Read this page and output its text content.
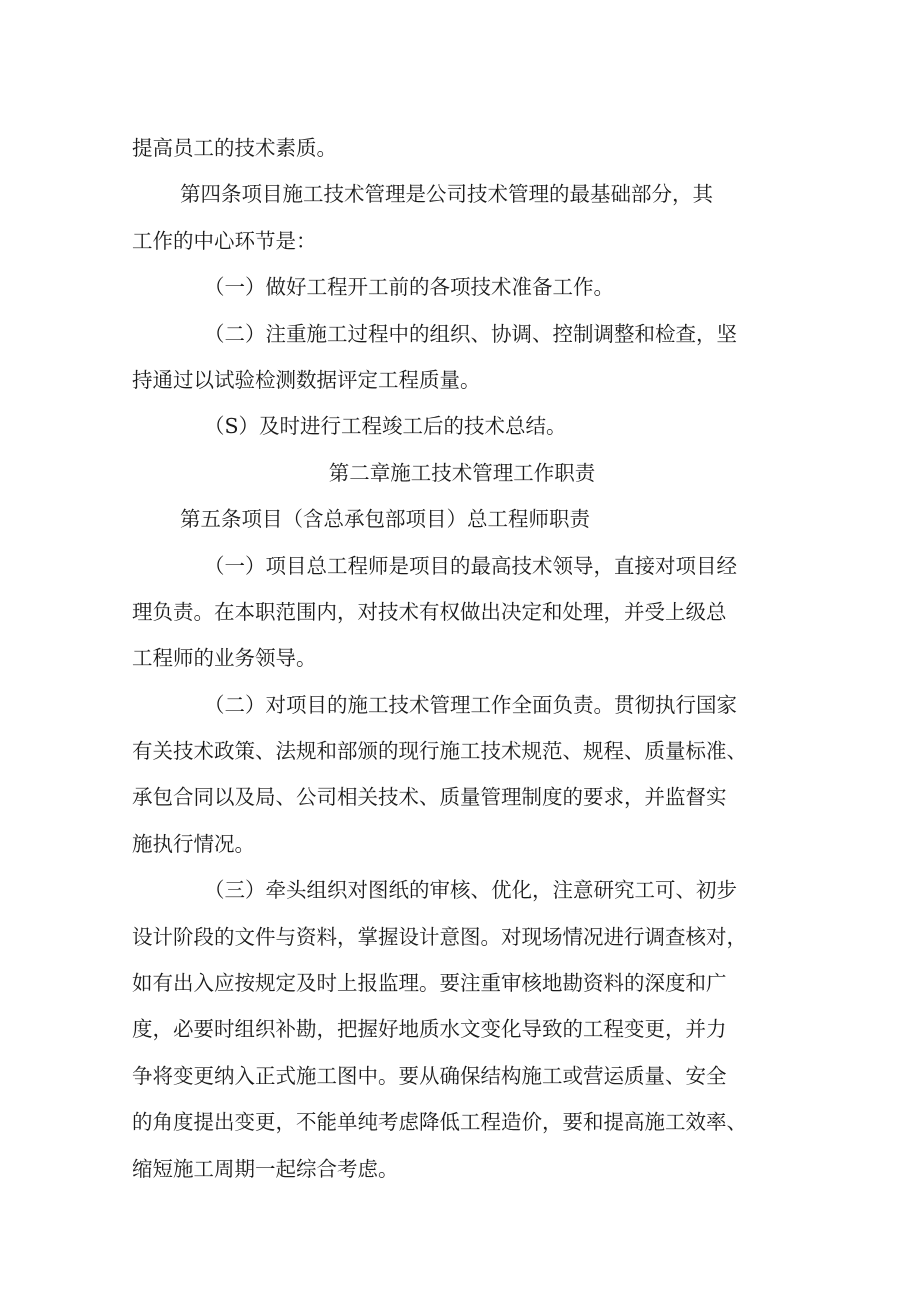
提高员工的技术素质。
第四条项目施工技术管理是公司技术管理的最基础部分，其
工作的中心环节是：
（一）做好工程开工前的各项技术准备工作。
（二）注重施工过程中的组织、协调、控制调整和检查，坚
持通过以试验检测数据评定工程质量。
（S）及时进行工程竣工后的技术总结。
第二章施工技术管理工作职责
第五条项目（含总承包部项目）总工程师职责
（一）项目总工程师是项目的最高技术领导，直接对项目经
理负责。在本职范围内，对技术有权做出决定和处理，并受上级总
工程师的业务领导。
（二）对项目的施工技术管理工作全面负责。贯彻执行国家
有关技术政策、法规和部颁的现行施工技术规范、规程、质量标准、
承包合同以及局、公司相关技术、质量管理制度的要求，并监督实
施执行情况。
（三）牵头组织对图纸的审核、优化，注意研究工可、初步
设计阶段的文件与资料，掌握设计意图。对现场情况进行调查核对，
如有出入应按规定及时上报监理。要注重审核地勘资料的深度和广
度，必要时组织补勘，把握好地质水文变化导致的工程变更，并力
争将变更纳入正式施工图中。要从确保结构施工或营运质量、安全
的角度提出变更，不能单纯考虑降低工程造价，要和提高施工效率、
缩短施工周期一起综合考虑。
